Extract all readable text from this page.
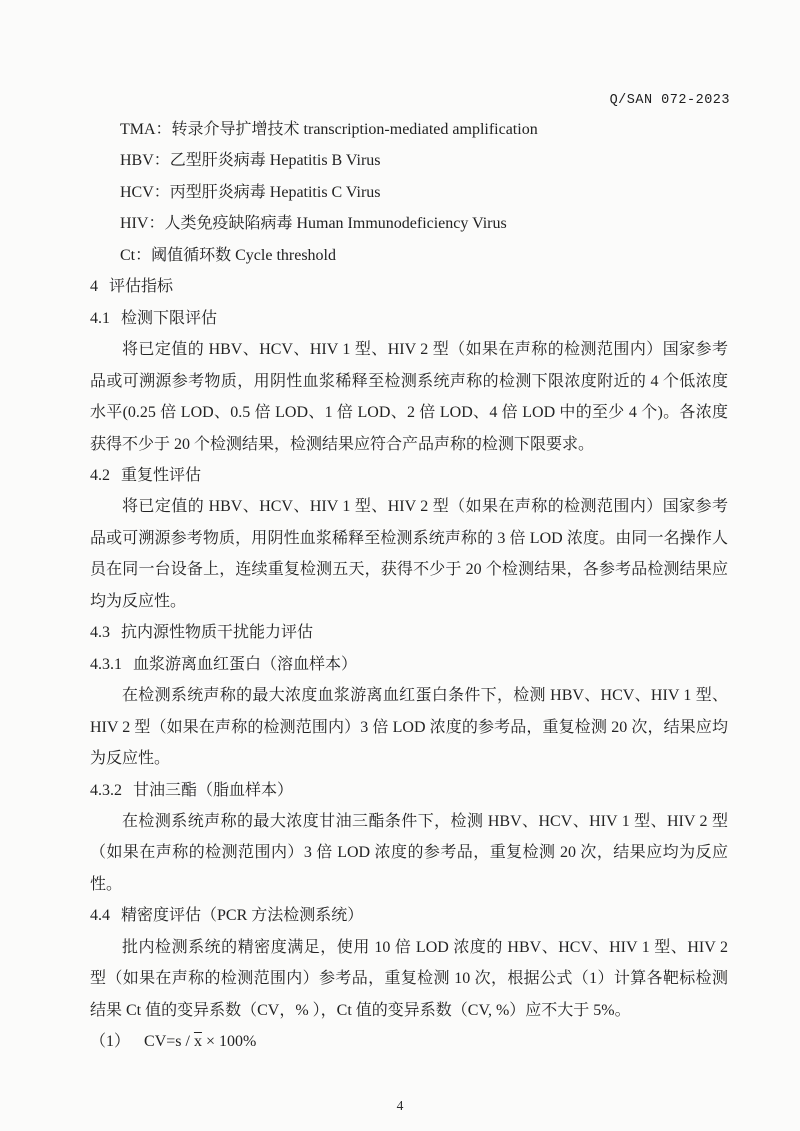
Q/SAN 072-2023

TMA：转录介导扩增技术 transcription-mediated amplification

HBV：乙型肝炎病毒 Hepatitis B Virus

HCV：丙型肝炎病毒 Hepatitis C Virus

HIV：人类免疫缺陷病毒 Human Immunodeficiency Virus

Ct：阈值循环数 Cycle threshold

4 评估指标

4.1 检测下限评估

将已定值的 HBV、HCV、HIV 1 型、HIV 2 型（如果在声称的检测范围内）国家参考品或可溯源参考物质，用阴性血浆稀释至检测系统声称的检测下限浓度附近的 4 个低浓度水平(0.25 倍 LOD、0.5 倍 LOD、1 倍 LOD、2 倍 LOD、4 倍 LOD 中的至少 4 个)。各浓度获得不少于 20 个检测结果，检测结果应符合产品声称的检测下限要求。

4.2 重复性评估

将已定值的 HBV、HCV、HIV 1 型、HIV 2 型（如果在声称的检测范围内）国家参考品或可溯源参考物质，用阴性血浆稀释至检测系统声称的 3 倍 LOD 浓度。由同一名操作人员在同一台设备上，连续重复检测五天，获得不少于 20 个检测结果，各参考品检测结果应均为反应性。

4.3 抗内源性物质干扰能力评估

4.3.1 血浆游离血红蛋白（溶血样本）

在检测系统声称的最大浓度血浆游离血红蛋白条件下，检测 HBV、HCV、HIV 1 型、HIV 2 型（如果在声称的检测范围内）3 倍 LOD 浓度的参考品，重复检测 20 次，结果应均为反应性。

4.3.2 甘油三酯（脂血样本）

在检测系统声称的最大浓度甘油三酯条件下，检测 HBV、HCV、HIV 1 型、HIV 2 型（如果在声称的检测范围内）3 倍 LOD 浓度的参考品，重复检测 20 次，结果应均为反应性。

4.4 精密度评估（PCR 方法检测系统）

批内检测系统的精密度满足，使用 10 倍 LOD 浓度的 HBV、HCV、HIV 1 型、HIV 2 型（如果在声称的检测范围内）参考品，重复检测 10 次，根据公式（1）计算各靶标检测结果 Ct 值的变异系数（CV，% ），Ct 值的变异系数（CV, %）应不大于 5%。

（1） $CV=s / \overline{x} \times 100\%$

4
